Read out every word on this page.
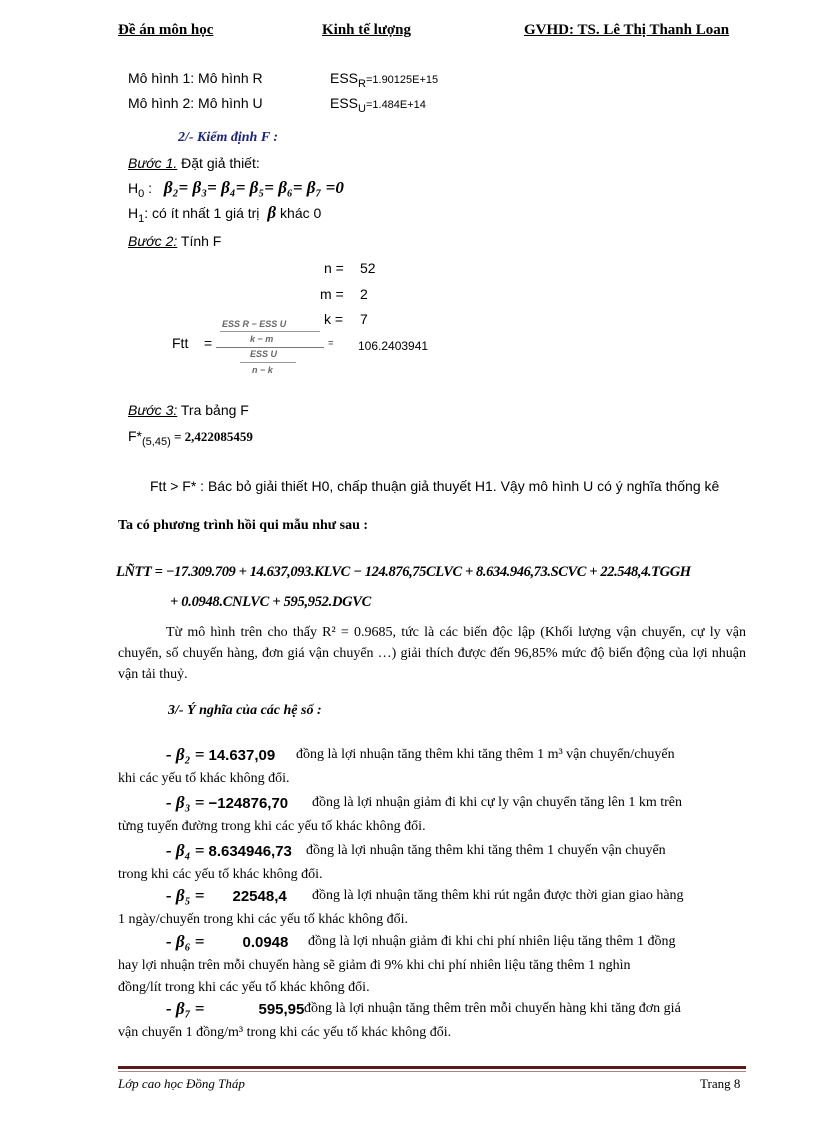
Đề án môn học	Kinh tế lượng	GVHD: TS. Lê Thị Thanh Loan
Mô hình 1: Mô hình R	$ESS_R=1.90125E+15$
Mô hình 2: Mô hình U	$ESS_U=1.484E+14$
2/- Kiểm định F :
Bước 1. Đặt giả thiết:
$H_0$ : β₂= β₃= β₄= β₅= β₆= β₇ =0
$H_1$: có ít nhất 1 giá trị β khác 0
Bước 2: Tính F
n = 52
m = 2
k = 7
Ftt =
ESS R − ESS U
k − m
ESS U
n − k
= 106.2403941
Bước 3: Tra bảng F
$F*_{(5,45)} = 2,422085459$
Ftt > F* : Bác bỏ giải thiết H0, chấp thuận giả thuyết H1. Vậy mô hình U có ý nghĩa thống kê
Ta có phương trình hồi qui mẫu như sau :
LÑTT = −17.309.709 + 14.637,093.KLVC − 124.876,75CLVC + 8.634.946,73.SCVC + 22.548,4.TGGH
+ 0.0948.CNLVC + 595,952.DGVC
Từ mô hình trên cho thấy R² = 0.9685, tức là các biến độc lập (Khối lượng vận chuyển, cự ly vận chuyển, số chuyến hàng, đơn giá vận chuyển …) giải thích được đến 96,85% mức độ biến động của lợi nhuận vận tải thuỷ.
3/- Ý nghĩa của các hệ số :
- β₂ = 14.637,09 đồng là lợi nhuận tăng thêm khi tăng thêm 1 m³ vận chuyển/chuyến
khi các yếu tố khác không đổi.
- β₃ = −124876,70 đồng là lợi nhuận giảm đi khi cự ly vận chuyển tăng lên 1 km trên
từng tuyến đường trong khi các yếu tố khác không đổi.
- β₄ = 8.634946,73 đồng là lợi nhuận tăng thêm khi tăng thêm 1 chuyến vận chuyển
trong khi các yếu tố khác không đổi.
- β₅ = 22548,4 đồng là lợi nhuận tăng thêm khi rút ngắn được thời gian giao hàng
1 ngày/chuyến trong khi các yếu tố khác không đổi.
- β₆ =	0.0948 đồng là lợi nhuận giảm đi khi chi phí nhiên liệu tăng thêm 1 đồng
hay lợi nhuận trên mỗi chuyến hàng sẽ giảm đi 9% khi chi phí nhiên liệu tăng thêm 1 nghìn
đồng/lít trong khi các yếu tố khác không đổi.
- β₇ =	595,95 đồng là lợi nhuận tăng thêm trên mỗi chuyến hàng khi tăng đơn giá
vận chuyển 1 đồng/m³ trong khi các yếu tố khác không đổi.
Lớp cao học Đồng Tháp	Trang 8
